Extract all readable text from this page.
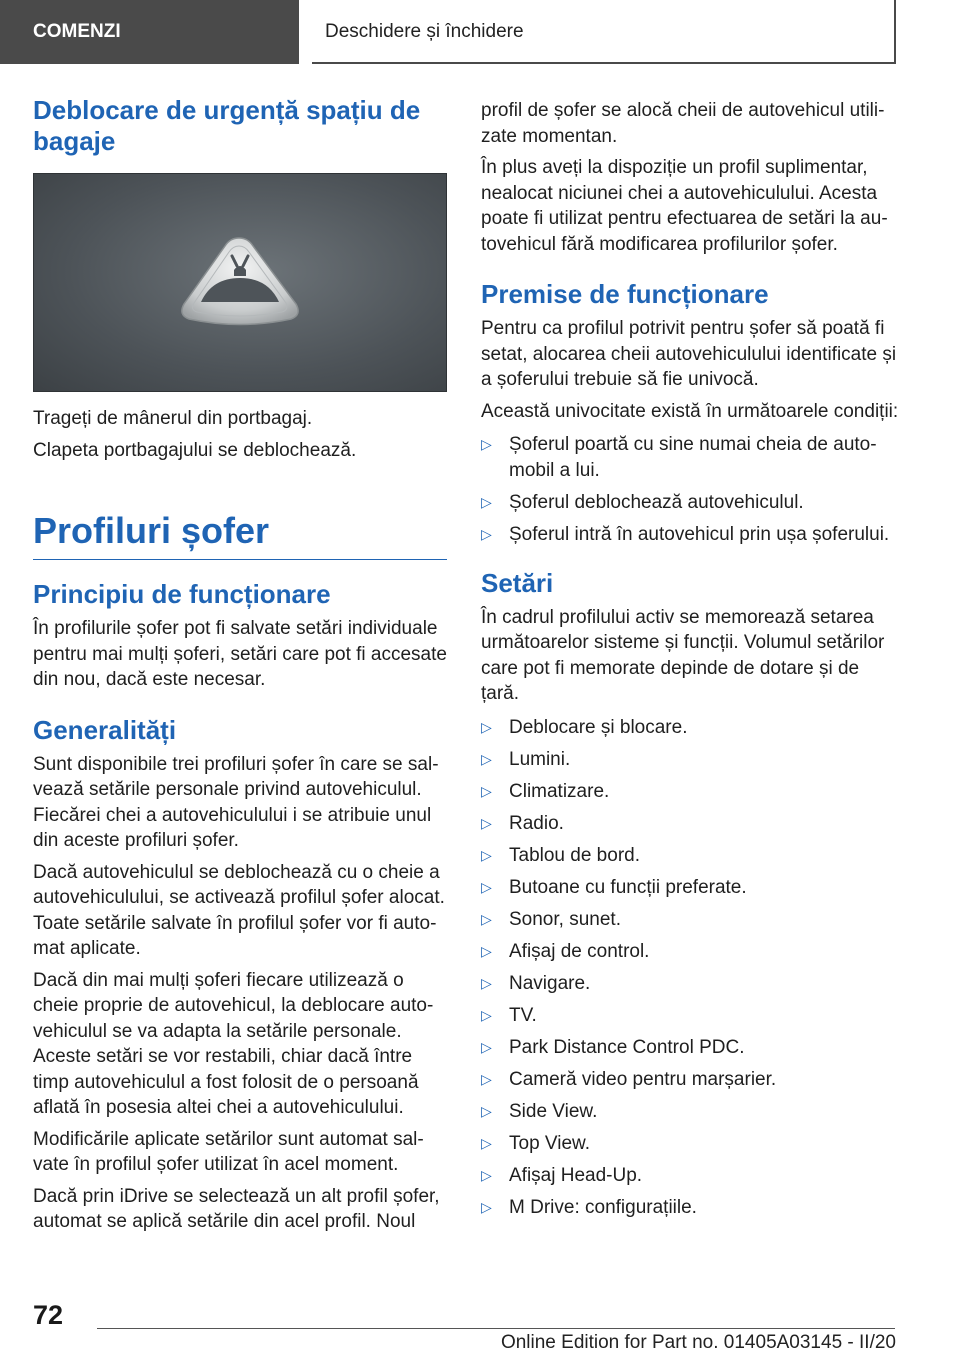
COMENZI	Deschidere și închidere
Deblocare de urgență spațiu de bagaje

Trageți de mânerul din portbagaj.

Clapeta portbagajului se deblochează.

Profiluri șofer
Principiu de funcționare

În profilurile șofer pot fi salvate setări individuale pentru mai mulți șoferi, setări care pot fi accesate din nou, dacă este necesar.

Generalități

Sunt disponibile trei profiluri șofer în care se salvează setările personale privind autovehiculul. Fiecărei chei a autovehiculului i se atribuie unul din aceste profiluri șofer.

Dacă autovehiculul se deblochează cu o cheie a autovehiculului, se activează profilul șofer alocat. Toate setările salvate în profilul șofer vor fi automat aplicate.

Dacă din mai mulți șoferi fiecare utilizează o cheie proprie de autovehicul, la deblocare autovehiculul se va adapta la setările personale. Aceste setări se vor restabili, chiar dacă între timp autovehiculul a fost folosit de o persoană aflată în posesia altei chei a autovehiculului.

Modificările aplicate setărilor sunt automat salvate în profilul șofer utilizat în acel moment.

Dacă prin iDrive se selectează un alt profil șofer, automat se aplică setările din acel profil. Noul

profil de șofer se alocă cheii de autovehicul utilizate momentan.

În plus aveți la dispoziție un profil suplimentar, nealocat niciunei chei a autovehiculului. Acesta poate fi utilizat pentru efectuarea de setări la autovehicul fără modificarea profilurilor șofer.

Premise de funcționare

Pentru ca profilul potrivit pentru șofer să poată fi setat, alocarea cheii autovehiculului identificate și a șoferului trebuie să fie univocă.

Această univocitate există în următoarele condiții:

▷ Șoferul poartă cu sine numai cheia de automobil a lui.
▷ Șoferul deblochează autovehiculul.
▷ Șoferul intră în autovehicul prin ușa șoferului.
Setări

În cadrul profilului activ se memorează setarea următoarelor sisteme și funcții. Volumul setărilor care pot fi memorate depinde de dotare și de țară.

▷ Deblocare și blocare.
▷ Lumini.
▷ Climatizare.
▷ Radio.
▷ Tablou de bord.
▷ Butoane cu funcții preferate.
▷ Sonor, sunet.
▷ Afișaj de control.
▷ Navigare.
▷ TV.
▷ Park Distance Control PDC.
▷ Cameră video pentru marșarier.
▷ Side View.
▷ Top View.
▷ Afișaj Head-Up.
▷ M Drive: configurațiile.
72
Online Edition for Part no. 01405A03145 - II/20
